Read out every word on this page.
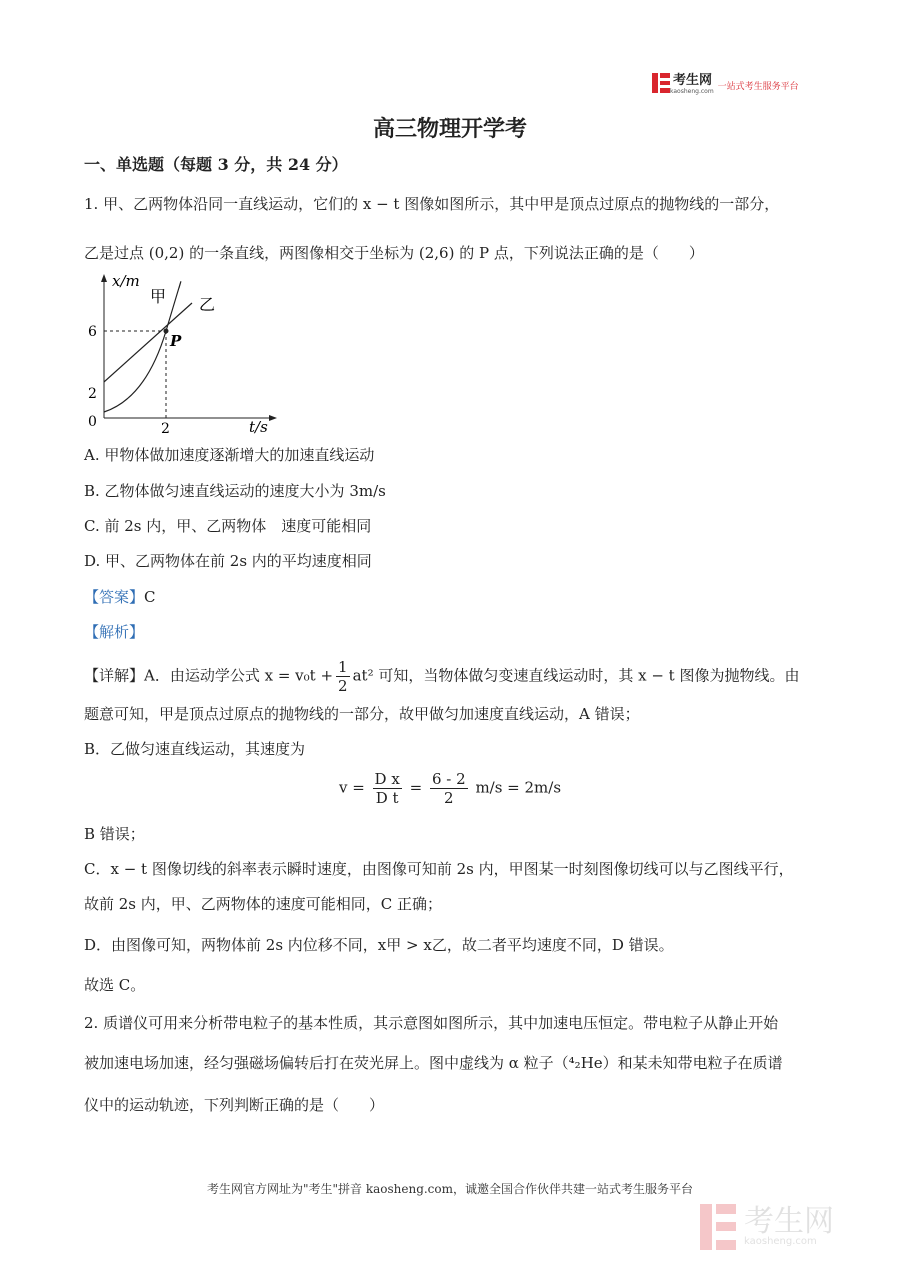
考生网
kaosheng.com 一站式考生服务平台
高三物理开学考
一、单选题（每题 3 分，共 24 分）
1. 甲、乙两物体沿同一直线运动，它们的 x − t 图像如图所示，其中甲是顶点过原点的抛物线的一部分，
乙是过点 (0,2) 的一条直线，两图像相交于坐标为 (2,6) 的 P 点，下列说法正确的是（　　）
x/m
t/s
6
2
0	2
甲 乙
P
A. 甲物体做加速度逐渐增大的加速直线运动
B. 乙物体做匀速直线运动的速度大小为 3m/s
C. 前 2s 内，甲、乙两物体　速度可能相同
D. 甲、乙两物体在前 2s 内的平均速度相同
【答案】C
【解析】
【详解】A．由运动学公式 $x = v_0t + \frac{1}{2} at^2$ 可知，当物体做匀变速直线运动时，其 x − t 图像为抛物线。由
题意可知，甲是顶点过原点的抛物线的一部分，故甲做匀加速度直线运动，A 错误；
B．乙做匀速直线运动，其速度为
$v = \frac{\text{D x}}{\text{D t}} = \frac{6 - 2}{2} m/s = 2m/s$
B 错误；
C．x − t 图像切线的斜率表示瞬时速度，由图像可知前 2s 内，甲图某一时刻图像切线可以与乙图线平行，
故前 2s 内，甲、乙两物体的速度可能相同，C 正确；
D．由图像可知，两物体前 2s 内位移不同，x甲 > x乙，故二者平均速度不同，D 错误。
故选 C。
2. 质谱仪可用来分析带电粒子的基本性质，其示意图如图所示，其中加速电压恒定。带电粒子从静止开始
被加速电场加速，经匀强磁场偏转后打在荧光屏上。图中虚线为 α 粒子（⁴₂He）和某未知带电粒子在质谱
仪中的运动轨迹，下列判断正确的是（　　）
考生网官方网址为"考生"拼音 kaosheng.com，诚邀全国合作伙伴共建一站式考生服务平台
考生网
kaosheng.com
